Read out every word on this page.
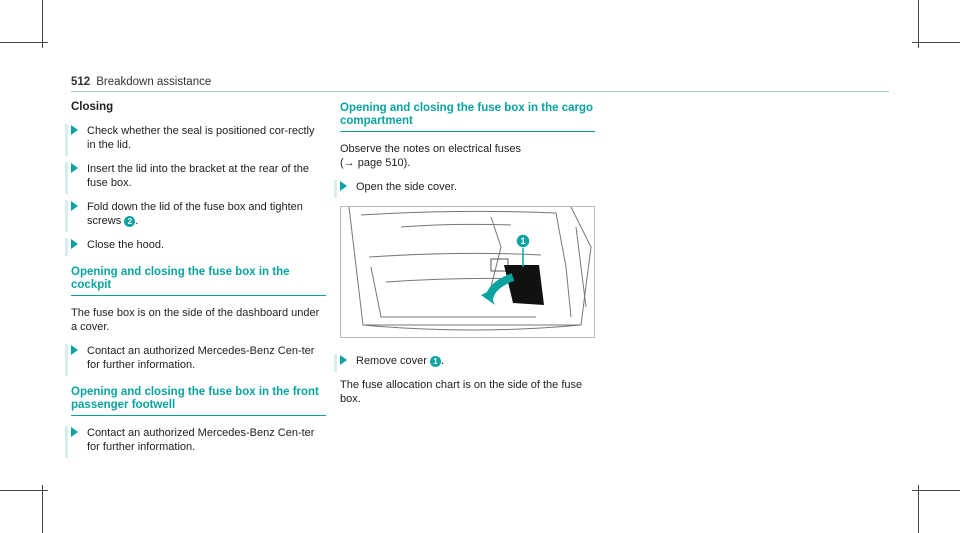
512 Breakdown assistance
Closing
Check whether the seal is positioned cor-rectly in the lid.
Insert the lid into the bracket at the rear of the fuse box.
Fold down the lid of the fuse box and tighten screws 2 .
Close the hood.
Opening and closing the fuse box in the cockpit
The fuse box is on the side of the dashboard under a cover.
Contact an authorized Mercedes-Benz Cen-ter for further information.
Opening and closing the fuse box in the front passenger footwell
Contact an authorized Mercedes-Benz Cen-ter for further information.
Opening and closing the fuse box in the cargo compartment
Observe the notes on electrical fuses
(→ page 510).
Open the side cover.
1
Remove cover 1 .
The fuse allocation chart is on the side of the fuse box.
